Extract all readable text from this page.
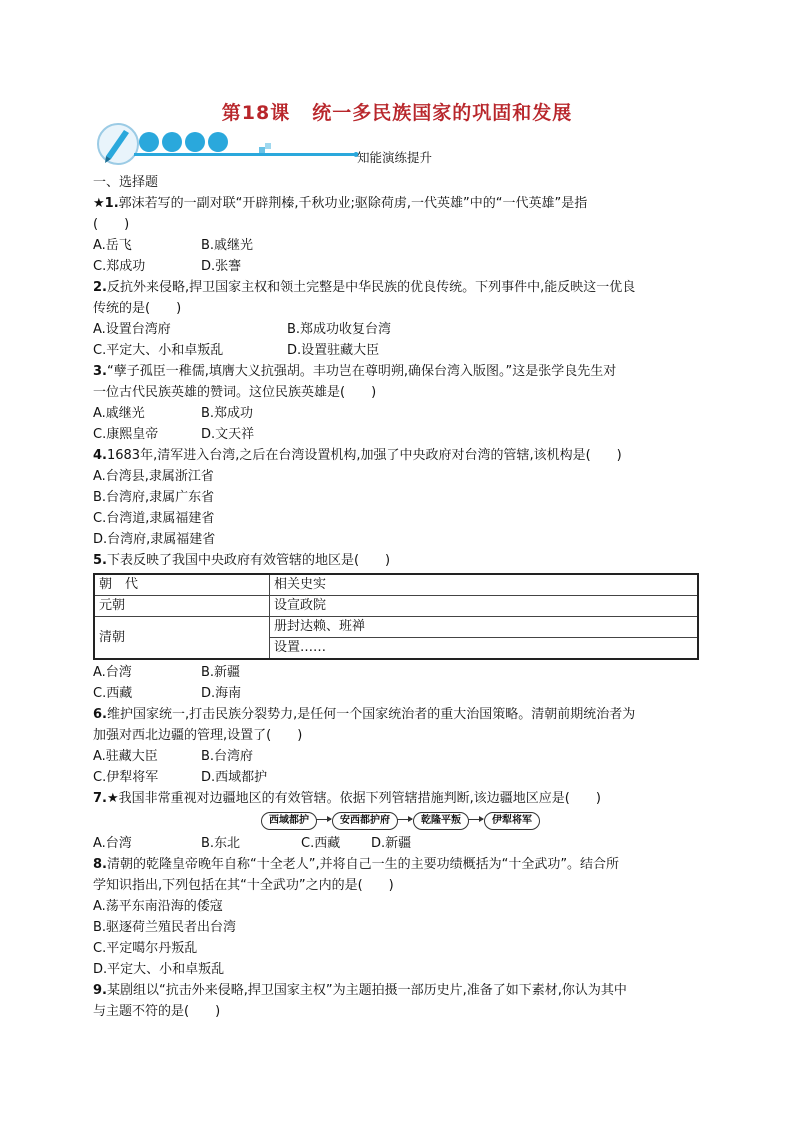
第18课 统一多民族国家的巩固和发展
知能演练提升
一、选择题
★1.郭沫若写的一副对联“开辟荆榛,千秋功业;驱除荷虏,一代英雄”中的“一代英雄”是指
(　　)
A.岳飞	B.戚继光
C.郑成功	D.张謇
2.反抗外来侵略,捍卫国家主权和领土完整是中华民族的优良传统。下列事件中,能反映这一优良
传统的是(　　)
A.设置台湾府	B.郑成功收复台湾
C.平定大、小和卓叛乱	D.设置驻藏大臣
3.“孽子孤臣一稚儒,填膺大义抗强胡。丰功岂在尊明朔,确保台湾入版图。”这是张学良先生对
一位古代民族英雄的赞词。这位民族英雄是(　　)
A.戚继光	B.郑成功
C.康熙皇帝	D.文天祥
4.1683年,清军进入台湾,之后在台湾设置机构,加强了中央政府对台湾的管辖,该机构是(　　)
A.台湾县,隶属浙江省
B.台湾府,隶属广东省
C.台湾道,隶属福建省
D.台湾府,隶属福建省
5.下表反映了我国中央政府有效管辖的地区是(　　)
朝　代	相关史实
元朝	设宣政院
清朝	册封达赖、班禅
	设置……
A.台湾	B.新疆
C.西藏	D.海南
6.维护国家统一,打击民族分裂势力,是任何一个国家统治者的重大治国策略。清朝前期统治者为
加强对西北边疆的管理,设置了(　　)
A.驻藏大臣	B.台湾府
C.伊犁将军	D.西域都护
7.★我国非常重视对边疆地区的有效管辖。依据下列管辖措施判断,该边疆地区应是(　　)
西域都护	安西都护府	乾隆平叛	伊犁将军
A.台湾	B.东北	C.西藏 D.新疆
8.清朝的乾隆皇帝晚年自称“十全老人”,并将自己一生的主要功绩概括为“十全武功”。结合所
学知识指出,下列包括在其“十全武功”之内的是(　　)
A.荡平东南沿海的倭寇
B.驱逐荷兰殖民者出台湾
C.平定噶尔丹叛乱
D.平定大、小和卓叛乱
9.某剧组以“抗击外来侵略,捍卫国家主权”为主题拍摄一部历史片,准备了如下素材,你认为其中
与主题不符的是(　　)
